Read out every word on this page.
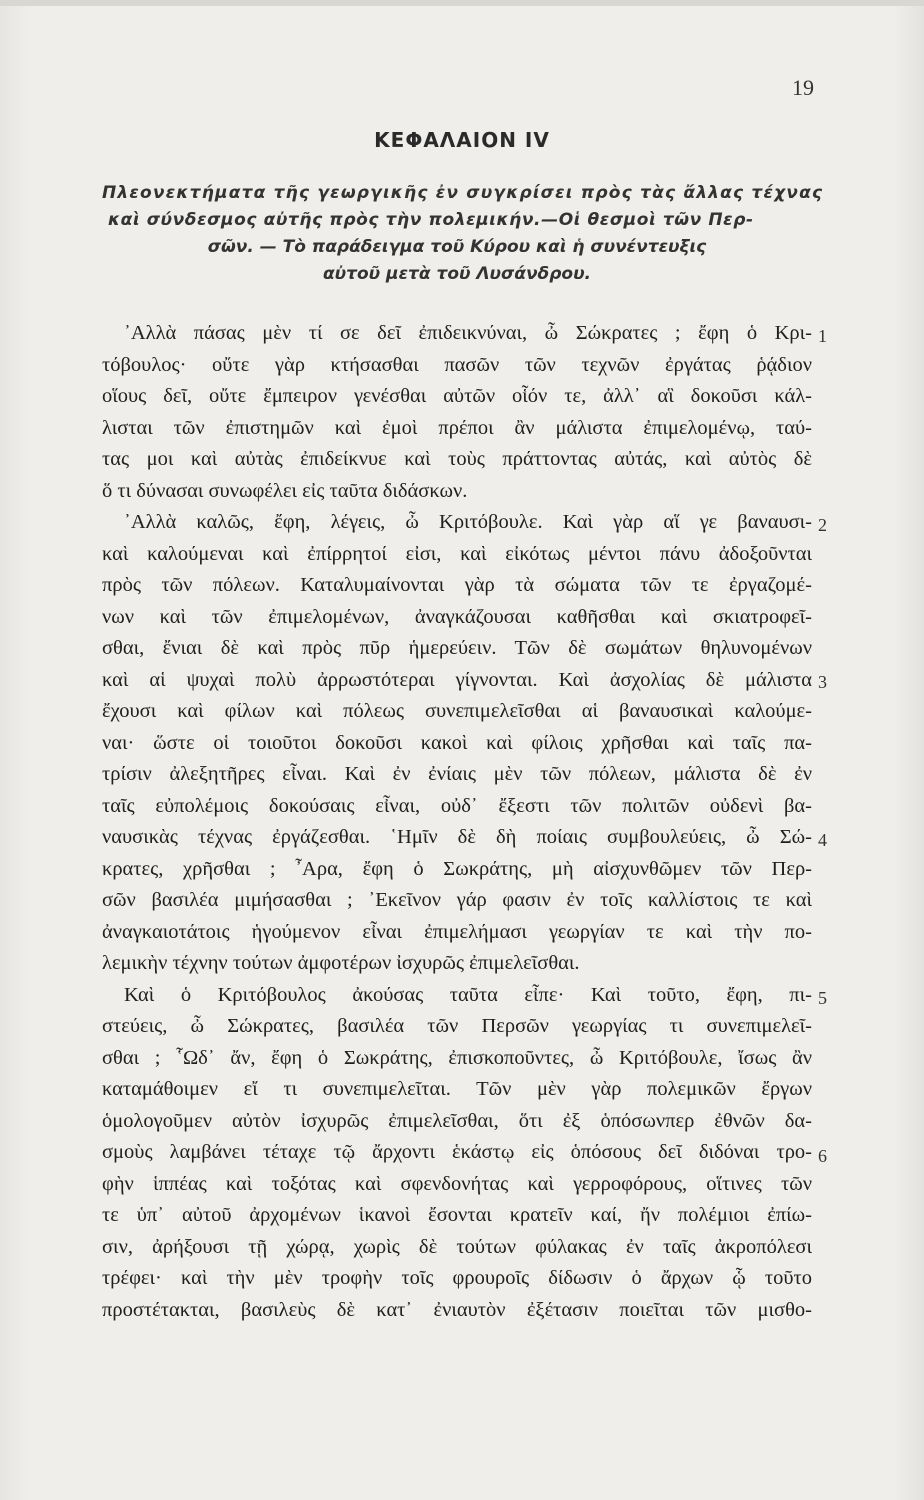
19
ΚΕΦΑΛΑΙΟΝ IV
Πλεονεκτήματα τῆς γεωργικῆς ἐν συγκρίσει πρὸς τὰς ἄλλας τέχνας
καὶ σύνδεσμος αὐτῆς πρὸς τὴν πολεμικήν.—Οἱ θεσμοὶ τῶν Περ-
σῶν. — Τὸ παράδειγμα τοῦ Κύρου καὶ ἡ συνέντευξις
αὐτοῦ μετὰ τοῦ Λυσάνδρου.
᾿Αλλὰ πάσας μὲν τί σε δεῖ ἐπιδεικνύναι, ὦ Σώκρατες ; ἔφη ὁ Κρι-
τόβουλος· οὔτε γὰρ κτήσασθαι πασῶν τῶν τεχνῶν ἐργάτας ῥᾴδιον
οἵους δεῖ, οὔτε ἔμπειρον γενέσθαι αὐτῶν οἷόν τε, ἀλλ᾿ αἳ δοκοῦσι κάλ-
λισται τῶν ἐπιστημῶν καὶ ἐμοὶ πρέποι ἂν μάλιστα ἐπιμελομένῳ, ταύ-
τας μοι καὶ αὐτὰς ἐπιδείκνυε καὶ τοὺς πράττοντας αὐτάς, καὶ αὐτὸς δὲ
ὅ τι δύνασαι συνωφέλει εἰς ταῦτα διδάσκων.
᾿Αλλὰ καλῶς, ἔφη, λέγεις, ὦ Κριτόβουλε. Καὶ γὰρ αἵ γε βαναυσι-
καὶ καλούμεναι καὶ ἐπίρρητοί εἰσι, καὶ εἰκότως μέντοι πάνυ ἀδοξοῦνται
πρὸς τῶν πόλεων. Καταλυμαίνονται γὰρ τὰ σώματα τῶν τε ἐργαζομέ-
νων καὶ τῶν ἐπιμελομένων, ἀναγκάζουσαι καθῆσθαι καὶ σκιατροφεῖ-
σθαι, ἔνιαι δὲ καὶ πρὸς πῦρ ἡμερεύειν. Τῶν δὲ σωμάτων θηλυνομένων
καὶ αἱ ψυχαὶ πολὺ ἀρρωστότεραι γίγνονται. Καὶ ἀσχολίας δὲ μάλιστα
ἔχουσι καὶ φίλων καὶ πόλεως συνεπιμελεῖσθαι αἱ βαναυσικαὶ καλούμε-
ναι· ὥστε οἱ τοιοῦτοι δοκοῦσι κακοὶ καὶ φίλοις χρῆσθαι καὶ ταῖς πα-
τρίσιν ἀλεξητῆρες εἶναι. Καὶ ἐν ἐνίαις μὲν τῶν πόλεων, μάλιστα δὲ ἐν
ταῖς εὐπολέμοις δοκούσαις εἶναι, οὐδ᾿ ἔξεστι τῶν πολιτῶν οὐδενὶ βα-
ναυσικὰς τέχνας ἐργάζεσθαι. ῾Ημῖν δὲ δὴ ποίαις συμβουλεύεις, ὦ Σώ-
κρατες, χρῆσθαι ; ῏Αρα, ἔφη ὁ Σωκράτης, μὴ αἰσχυνθῶμεν τῶν Περ-
σῶν βασιλέα μιμήσασθαι ; ᾿Εκεῖνον γάρ φασιν ἐν τοῖς καλλίστοις τε καὶ
ἀναγκαιοτάτοις ἡγούμενον εἶναι ἐπιμελήμασι γεωργίαν τε καὶ τὴν πο-
λεμικὴν τέχνην τούτων ἀμφοτέρων ἰσχυρῶς ἐπιμελεῖσθαι.
Καὶ ὁ Κριτόβουλος ἀκούσας ταῦτα εἶπε· Καὶ τοῦτο, ἔφη, πι-
στεύεις, ὦ Σώκρατες, βασιλέα τῶν Περσῶν γεωργίας τι συνεπιμελεῖ-
σθαι ; ῟Ωδ᾿ ἄν, ἔφη ὁ Σωκράτης, ἐπισκοποῦντες, ὦ Κριτόβουλε, ἴσως ἂν
καταμάθοιμεν εἴ τι συνεπιμελεῖται. Τῶν μὲν γὰρ πολεμικῶν ἔργων
ὁμολογοῦμεν αὐτὸν ἰσχυρῶς ἐπιμελεῖσθαι, ὅτι ἐξ ὁπόσωνπερ ἐθνῶν δα-
σμοὺς λαμβάνει τέταχε τῷ ἄρχοντι ἑκάστῳ εἰς ὁπόσους δεῖ διδόναι τρο-
φὴν ἱππέας καὶ τοξότας καὶ σφενδονήτας καὶ γερροφόρους, οἵτινες τῶν
τε ὑπ᾿ αὐτοῦ ἀρχομένων ἱκανοὶ ἔσονται κρατεῖν καί, ἤν πολέμιοι ἐπίω-
σιν, ἀρήξουσι τῇ χώρᾳ, χωρὶς δὲ τούτων φύλακας ἐν ταῖς ἀκροπόλεσι
τρέφει· καὶ τὴν μὲν τροφὴν τοῖς φρουροῖς δίδωσιν ὁ ἄρχων ᾧ τοῦτο
προστέτακται, βασιλεὺς δὲ κατ᾿ ἐνιαυτὸν ἐξέτασιν ποιεῖται τῶν μισθο-
1
2
3
4
5
6
